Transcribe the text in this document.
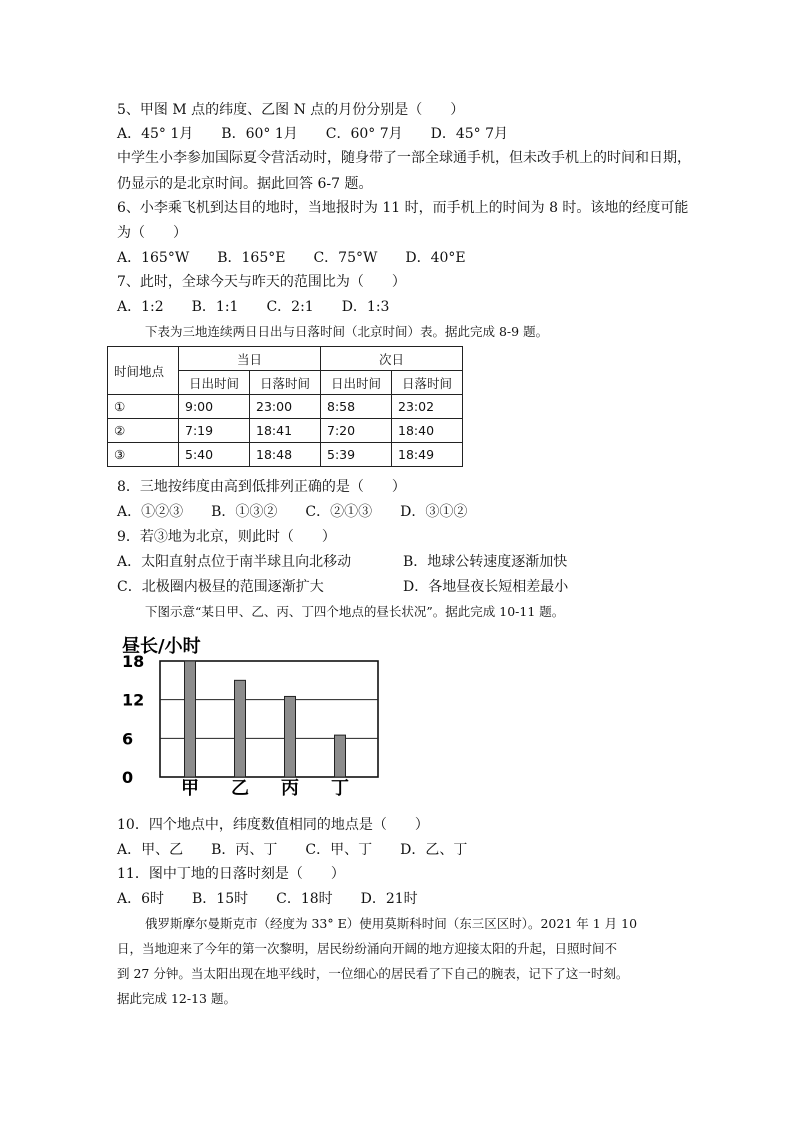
5、甲图 M 点的纬度、乙图 N 点的月份分别是（　　）
A．45° 1月　　B．60° 1月　　C．60° 7月　　D．45° 7月
中学生小李参加国际夏令营活动时，随身带了一部全球通手机，但未改手机上的时间和日期，
仍显示的是北京时间。据此回答 6-7 题。
6、小李乘飞机到达目的地时，当地报时为 11 时，而手机上的时间为 8 时。该地的经度可能
为（　　）
A．165°W　　B．165°E　　C．75°W　　D．40°E
7、此时，全球今天与昨天的范围比为（　　）
A．1:2　　B．1:1　　C．2:1　　D．1:3
下表为三地连续两日日出与日落时间（北京时间）表。据此完成 8-9 题。
时间地点	当日		次日	
	日出时间	日落时间	日出时间	日落时间
①	9:00	23:00	8:58	23:02
②	7:19	18:41	7:20	18:40
③	5:40	18:48	5:39	18:49
8．三地按纬度由高到低排列正确的是（　　）
A．①②③　　B．①③②　　C．②①③　　D．③①②
9．若③地为北京，则此时（　　）
A．太阳直射点位于南半球且向北移动	B．地球公转速度逐渐加快
C．北极圈内极昼的范围逐渐扩大	D．各地昼夜长短相差最小
下图示意“某日甲、乙、丙、丁四个地点的昼长状况”。据此完成 10-11 题。
昼长/小时
0
6
12
18
甲 乙 丙 丁
10．四个地点中，纬度数值相同的地点是（　　）
A．甲、乙　　B．丙、丁　　C．甲、丁　　D．乙、丁
11．图中丁地的日落时刻是（　　）
A．6时　　B．15时　　C．18时　　D．21时
俄罗斯摩尔曼斯克市（经度为 33° E）使用莫斯科时间（东三区区时）。2021 年 1 月 10
日，当地迎来了今年的第一次黎明，居民纷纷涌向开阔的地方迎接太阳的升起，日照时间不
到 27 分钟。当太阳出现在地平线时，一位细心的居民看了下自己的腕表，记下了这一时刻。
据此完成 12-13 题。
